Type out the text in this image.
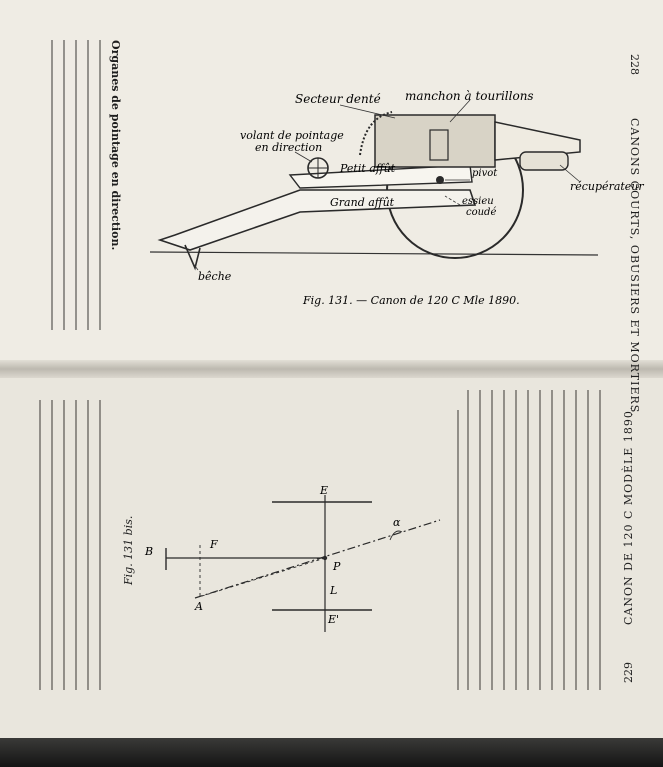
228
CANONS COURTS, OBUSIERS ET MORTIERS.
Organes de pointage en direction.	Secteur denté manchon à tourillons
volant de pointage
en direction
Petit affût	pivot
récupérateur
Grand affût	essieu
coudé
bêche
Fig. 131. — Canon de 120 C Mle 1890.
229
CANON DE 120 C MODÈLE 1890.
E
E'
B
F
P
L
A
α
Fig. 131 bis.
